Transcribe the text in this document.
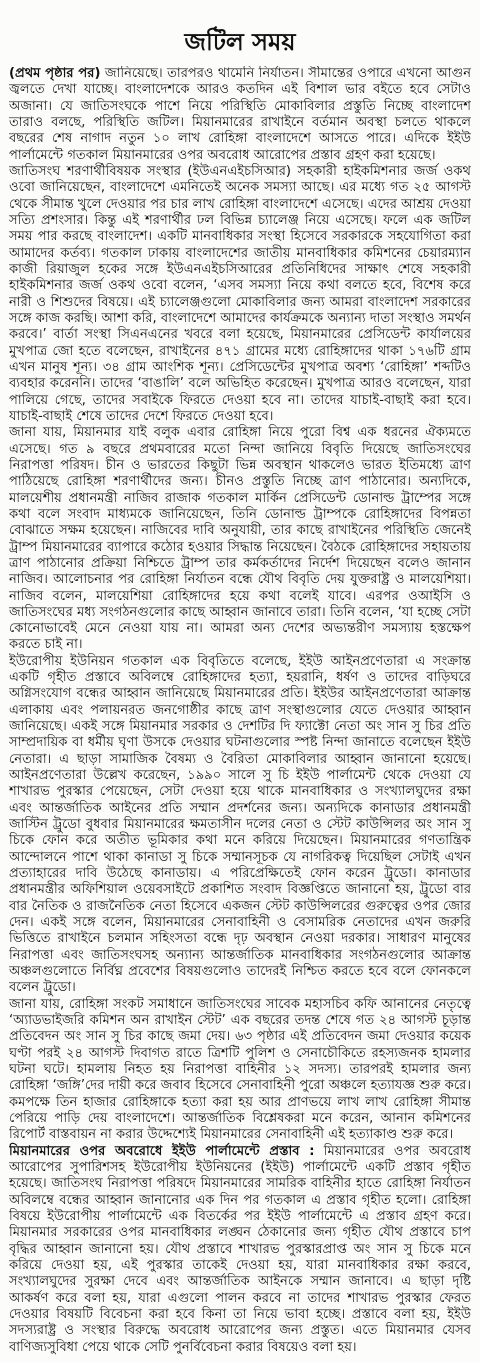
জটিল সময়

(প্রথম পৃষ্ঠার পর) জানিয়েছে। তারপরও থামেনি নির্যাতন। সীমান্তের ওপারে এখনো আগুন জ্বলতে দেখা যাচ্ছে। বাংলাদেশকে আরও কতদিন এই বিশাল ভার বইতে হবে সেটাও অজানা। যে জাতিসংঘকে পাশে নিয়ে পরিস্থিতি মোকাবিলার প্রস্তুতি নিচ্ছে বাংলাদেশ তারাও বলছে, পরিস্থিতি জটিল। মিয়ানমারের রাখাইনে বর্তমান অবস্থা চলতে থাকলে বছরের শেষ নাগাদ নতুন ১০ লাখ রোহিঙ্গা বাংলাদেশে আসতে পারে। এদিকে ইইউ পার্লামেন্টে গতকাল মিয়ানমারের ওপর অবরোধ আরোপের প্রস্তাব গ্রহণ করা হয়েছে।

জাতিসংঘ শরণার্থীবিষয়ক সংস্থার (ইউএনএইচসিআর) সহকারী হাইকমিশনার জর্জ ওকথ ওবো জানিয়েছেন, বাংলাদেশে এমনিতেই অনেক সমস্যা আছে। এর মধ্যে গত ২৫ আগস্ট থেকে সীমান্ত খুলে দেওয়ার পর চার লাখ রোহিঙ্গা বাংলাদেশে এসেছে। এদের আশ্রয় দেওয়া সত্যি প্রশংসার। কিন্তু এই শরণার্থীর ঢল বিভিন্ন চ্যালেঞ্জ নিয়ে এসেছে। ফলে এক জটিল সময় পার করছে বাংলাদেশ। একটি মানবাধিকার সংস্থা হিসেবে সরকারকে সহযোগিতা করা আমাদের কর্তব্য। গতকাল ঢাকায় বাংলাদেশের জাতীয় মানবাধিকার কমিশনের চেয়ারম্যান কাজী রিয়াজুল হকের সঙ্গে ইউএনএইচসিআরের প্রতিনিধিদের সাক্ষাৎ শেষে সহকারী হাইকমিশনার জর্জ ওকথ ওবো বলেন, ‘এসব সমস্যা নিয়ে কথা বলতে হবে, বিশেষ করে নারী ও শিশুদের বিষয়ে। এই চ্যালেঞ্জগুলো মোকাবিলার জন্য আমরা বাংলাদেশ সরকারের সঙ্গে কাজ করছি। আশা করি, বাংলাদেশে আমাদের কার্যক্রমকে অন্যান্য দাতা সংস্থাও সমর্থন করবে।’ বার্তা সংস্থা সিএনএনের খবরে বলা হয়েছে, মিয়ানমারের প্রেসিডেন্ট কার্যালয়ের মুখপাত্র জো হতে বলেছেন, রাখাইনের ৪৭১ গ্রামের মধ্যে রোহিঙ্গাদের থাকা ১৭৬টি গ্রাম এখন মানুষ শূন্য। ৩৪ গ্রাম আংশিক শূন্য। প্রেসিডেন্টের মুখপাত্র অবশ্য ‘রোহিঙ্গা’ শব্দটিও ব্যবহার করেননি। তাদের ‘বাঙালি’ বলে অভিহিত করেছেন। মুখপাত্র আরও বলেছেন, যারা পালিয়ে গেছে, তাদের সবাইকে ফিরতে দেওয়া হবে না। তাদের যাচাই-বাছাই করা হবে। যাচাই-বাছাই শেষে তাদের দেশে ফিরতে দেওয়া হবে।

জানা যায়, মিয়ানমার যাই বলুক এবার রোহিঙ্গা নিয়ে পুরো বিশ্ব এক ধরনের ঐক্যমতে এসেছে। গত ৯ বছরে প্রথমবারের মতো নিন্দা জানিয়ে বিবৃতি দিয়েছে জাতিসংঘের নিরাপত্তা পরিষদ। চীন ও ভারতের কিছুটা ভিন্ন অবস্থান থাকলেও ভারত ইতিমধ্যে ত্রাণ পাঠিয়েছে রোহিঙ্গা শরণার্থীদের জন্য। চীনও প্রস্তুতি নিচ্ছে ত্রাণ পাঠানোর। অন্যদিকে, মালয়েশীয় প্রধানমন্ত্রী নাজিব রাজাক গতকাল মার্কিন প্রেসিডেন্ট ডোনাল্ড ট্রাম্পের সঙ্গে কথা বলে সংবাদ মাধ্যমকে জানিয়েছেন, তিনি ডোনাল্ড ট্রাম্পকে রোহিঙ্গাদের বিপন্নতা বোঝাতে সক্ষম হয়েছেন। নাজিবের দাবি অনুযায়ী, তার কাছে রাখাইনের পরিস্থিতি জেনেই ট্রাম্প মিয়ানমারের ব্যাপারে কঠোর হওয়ার সিদ্ধান্ত নিয়েছেন। বৈঠকে রোহিঙ্গাদের সহায়তায় ত্রাণ পাঠানোর প্রক্রিয়া নিশ্চিতে ট্রাম্প তার কর্মকর্তাদের নির্দেশ দিয়েছেন বলেও জানান নাজিব। আলোচনার পর রোহিঙ্গা নির্যাতন বন্ধে যৌথ বিবৃতি দেয় যুক্তরাষ্ট্র ও মালয়েশিয়া। নাজিব বলেন, মালয়েশিয়া রোহিঙ্গাদের হয়ে কথা বলেই যাবে। এরপর ওআইসি ও জাতিসংঘের মধ্য সংগঠনগুলোর কাছে আহ্বান জানাবে তারা। তিনি বলেন, ‘যা হচ্ছে সেটা কোনোভাবেই মেনে নেওয়া যায় না। আমরা অন্য দেশের অভ্যন্তরীণ সমস্যায় হস্তক্ষেপ করতে চাই না।

ইউরোপীয় ইউনিয়ন গতকাল এক বিবৃতিতে বলেছে, ইইউ আইনপ্রণেতারা এ সংক্রান্ত একটি গৃহীত প্রস্তাবে অবিলম্বে রোহিঙ্গাদের হত্যা, হয়রানি, ধর্ষণ ও তাদের বাড়িঘরে অগ্নিসংযোগ বন্ধের আহ্বান জানিয়েছে মিয়ানমারের প্রতি। ইইউর আইনপ্রণেতারা আক্রান্ত এলাকায় এবং পলায়নরত জনগোষ্ঠীর কাছে ত্রাণ সংস্থাগুলোর যেতে দেওয়ার আহ্বান জানিয়েছে। একই সঙ্গে মিয়ানমার সরকার ও দেশটির দি ফ্যাক্টো নেতা অং সান সু চির প্রতি সাম্প্রদায়িক বা ধর্মীয় ঘৃণা উসকে দেওয়ার ঘটনাগুলোর স্পষ্ট নিন্দা জানাতে বলেছেন ইইউ নেতারা। এ ছাড়া সামাজিক বৈষম্য ও বৈরিতা মোকাবিলার আহ্বান জানানো হয়েছে। আইনপ্রণেতারা উল্লেখ করেছেন, ১৯৯০ সালে সু চি ইইউ পার্লামেন্ট থেকে দেওয়া যে শাখারভ পুরস্কার পেয়েছেন, সেটা দেওয়া হয়ে থাকে মানবাধিকার ও সংখ্যালঘুদের রক্ষা এবং আন্তর্জাতিক আইনের প্রতি সম্মান প্রদর্শনের জন্য। অন্যদিকে কানাডার প্রধানমন্ত্রী জাস্টিন ট্রুডো বুধবার মিয়ানমারের ক্ষমতাসীন দলের নেতা ও স্টেট কাউন্সিলর অং সান সু চিকে ফোন করে অতীত ভূমিকার কথা মনে করিয়ে দিয়েছেন। মিয়ানমারের গণতান্ত্রিক আন্দোলনে পাশে থাকা কানাডা সু চিকে সম্মানসূচক যে নাগরিকত্ব দিয়েছিল সেটাই এখন প্রত্যাহারের দাবি উঠেছে কানাডায়। এ পরিপ্রেক্ষিতেই ফোন করেন ট্রুডো। কানাডার প্রধানমন্ত্রীর অফিশিয়াল ওয়েবসাইটে প্রকাশিত সংবাদ বিজ্ঞপ্তিতে জানানো হয়, ট্রুডো বার বার নৈতিক ও রাজনৈতিক নেতা হিসেবে একজন স্টেট কাউন্সিলরের গুরুত্বের ওপর জোর দেন। একই সঙ্গে বলেন, মিয়ানমারের সেনাবাহিনী ও বেসামরিক নেতাদের এখন জরুরি ভিত্তিতে রাখাইনে চলমান সহিংসতা বন্ধে দৃঢ় অবস্থান নেওয়া দরকার। সাধারণ মানুষের নিরাপত্তা এবং জাতিসংঘসহ অন্যান্য আন্তর্জাতিক মানবাধিকার সংগঠনগুলোর আক্রান্ত অঞ্চলগুলোতে নির্বিঘ্ন প্রবেশের বিষয়গুলোও তাদেরই নিশ্চিত করতে হবে বলে ফোনকলে বলেন ট্রুডো।

জানা যায়, রোহিঙ্গা সংকট সমাধানে জাতিসংঘের সাবেক মহাসচিব কফি আনানের নেতৃত্বে ‘অ্যাডভাইজরি কমিশন অন রাখাইন স্টেট’ এক বছরের তদন্ত শেষে গত ২৪ আগস্ট চূড়ান্ত প্রতিবেদন অং সান সু চির কাছে জমা দেয়। ৬৩ পৃষ্ঠার এই প্রতিবেদন জমা দেওয়ার কয়েক ঘণ্টা পরই ২৪ আগস্ট দিবাগত রাতে ত্রিশটি পুলিশ ও সেনাচৌকিতে রহস্যজনক হামলার ঘটনা ঘটে। হামলায় নিহত হয় নিরাপত্তা বাহিনীর ১২ সদস্য। তারপরই হামলার জন্য রোহিঙ্গা ‘জঙ্গি’দের দায়ী করে জবাব হিসেবে সেনাবাহিনী পুরো অঞ্চলে হত্যাযজ্ঞ শুরু করে। কমপক্ষে তিন হাজার রোহিঙ্গাকে হত্যা করা হয় আর প্রাণভয়ে লাখ লাখ রোহিঙ্গা সীমান্ত পেরিয়ে পাড়ি দেয় বাংলাদেশে। আন্তর্জাতিক বিশ্লেষকরা মনে করেন, আনান কমিশনের রিপোর্ট বাস্তবায়ন না করার উদ্দেশ্যেই মিয়ানমারের সেনাবাহিনী এই হত্যাকাণ্ড শুরু করে।

মিয়ানমারের ওপর অবরোধে ইইউ পার্লামেন্টে প্রস্তাব : মিয়ানমারের ওপর অবরোধ আরোপের সুপারিশসহ ইউরোপীয় ইউনিয়নের (ইইউ) পার্লামেন্টে একটি প্রস্তাব গৃহীত হয়েছে। জাতিসংঘ নিরাপত্তা পরিষদে মিয়ানমারের সামরিক বাহিনীর হাতে রোহিঙ্গা নির্যাতন অবিলম্বে বন্ধের আহ্বান জানানোর এক দিন পর গতকাল এ প্রস্তাব গৃহীত হলো। রোহিঙ্গা বিষয়ে ইউরোপীয় পার্লামেন্টে এক বিতর্কের পর ইইউ পার্লামেন্টে এ প্রস্তাব গ্রহণ করে। মিয়ানমার সরকারের ওপর মানবাধিকার লঙ্ঘন ঠেকানোর জন্য গৃহীত যৌথ প্রস্তাবে চাপ বৃদ্ধির আহ্বান জানানো হয়। যৌথ প্রস্তাবে শাখারভ পুরস্কারপ্রাপ্ত অং সান সু চিকে মনে করিয়ে দেওয়া হয়, এই পুরস্কার তাকেই দেওয়া হয়, যারা মানবাধিকার রক্ষা করবে, সংখ্যালঘুদের সুরক্ষা দেবে এবং আন্তর্জাতিক আইনকে সম্মান জানাবে। এ ছাড়া দৃষ্টি আকর্ষণ করে বলা হয়, যারা এগুলো পালন করবে না তাদের শাখারভ পুরস্কার ফেরত দেওয়ার বিষয়টি বিবেচনা করা হবে কিনা তা নিয়ে ভাবা হচ্ছে। প্রস্তাবে বলা হয়, ইইউ সদস্যরাষ্ট্র ও সংস্থার বিরুদ্ধে অবরোধ আরোপের জন্য প্রস্তুত। এতে মিয়ানমার যেসব বাণিজ্যসুবিধা পেয়ে থাকে সেটি পুনর্বিবেচনা করার বিষয়েও বলা হয়।
